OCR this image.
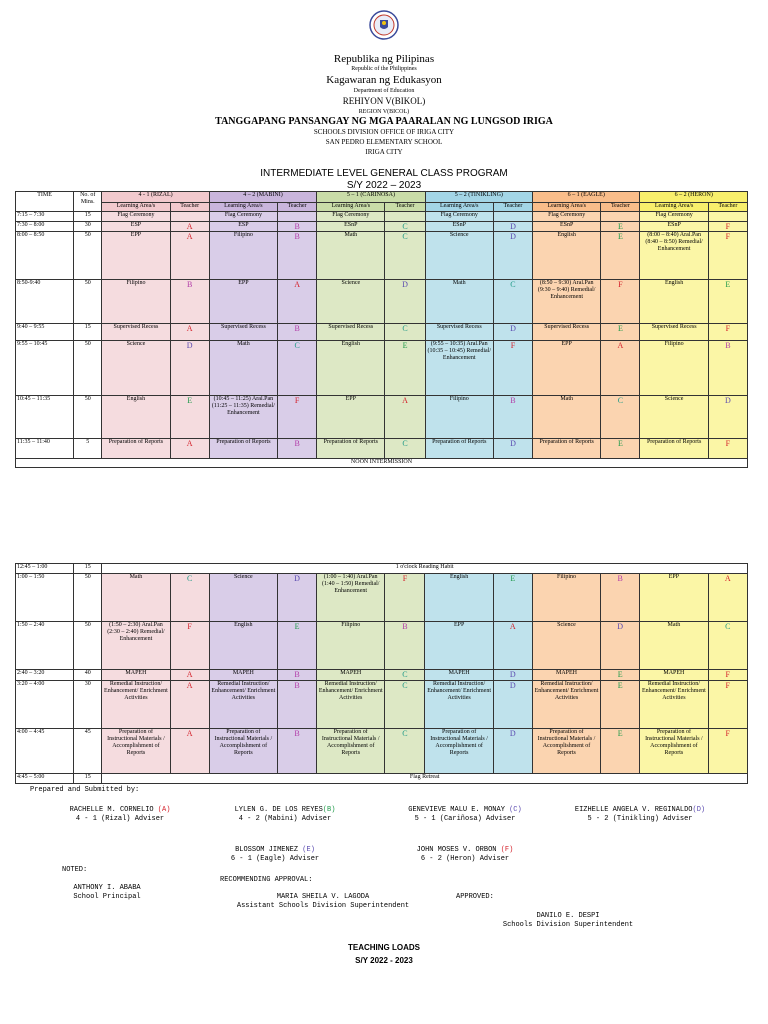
Republika ng Pilipinas
Republic of the Philippines
Kagawaran ng Edukasyon
Department of Education
REHIYON V(BIKOL)
REGION V(BICOL)
TANGGAPANG PANSANGAY NG MGA PAARALAN NG LUNGSOD IRIGA
SCHOOLS DIVISION OFFICE OF IRIGA CITY
SAN PEDRO ELEMENTARY SCHOOL
IRIGA CITY
INTERMEDIATE LEVEL GENERAL CLASS PROGRAM
S/Y 2022 – 2023
TIME	No. of Mins.	4 - 1 (RIZAL)		4 – 2 (MABINI)		5 – 1 (CARINOSA)		5 – 2 (TINIKLING)		6 – 1 (EAGLE)		6 – 2 (HERON)	
		Learning Area/s	Teacher	Learning Area/s	Teacher	Learning Area/s	Teacher	Learning Area/s	Teacher	Learning Area/s	Teacher	Learning Area/s	Teacher
7:15 – 7:30	15	Flag Ceremony		Flag Ceremony		Flag Ceremony		Flag Ceremony		Flag Ceremony		Flag Ceremony	
7:30 – 8:00	30	ESP	A	ESP	B	ESnP	C	ESnP	D	ESnP	E	ESnP	F
8:00 – 8:50	50	EPP	A	Filipino	B	Math	C	Science	D	English	E	(8:00 – 8:40) Aral.Pan (8:40 – 8:50) Remedial/ Enhancement	F
8:50-9:40	50	Filipino	B	EPP	A	Science	D	Math	C	(8:50 – 9:30) Aral.Pan (9:30 – 9:40) Remedial/ Enhancement	F	English	E
9:40 – 9:55	15	Supervised Recess	A	Supervised Recess	B	Supervised Recess	C	Supervised Recess	D	Supervised Recess	E	Supervised Recess	F
9:55 – 10:45	50	Science	D	Math	C	English	E	(9:55 – 10:35) Aral.Pan (10:35 – 10:45) Remedial/ Enhancement	F	EPP	A	Filipino	B
10:45 – 11:35	50	English	E	(10:45 – 11:25) Aral.Pan (11:25 – 11:35) Remedial/ Enhancement	F	EPP	A	Filipino	B	Math	C	Science	D
11:35 – 11:40	5	Preparation of Reports	A	Preparation of Reports	B	Preparation of Reports	C	Preparation of Reports	D	Preparation of Reports	E	Preparation of Reports	F
NOON INTERMISSION													
12:45 – 1:00	15	1 o'clock Reading Habit											
1:00 – 1:50	50	Math	C	Science	D	(1:00 – 1:40) Aral.Pan (1:40 – 1:50) Remedial/ Enhancement	F	English	E	Filipino	B	EPP	A
1:50 – 2:40	50	(1:50 – 2:30) Aral.Pan (2:30 – 2:40) Remedial/ Enhancement	F	English	E	Filipino	B	EPP	A	Science	D	Math	C
2:40 – 3:20	40	MAPEH	A	MAPEH	B	MAPEH	C	MAPEH	D	MAPEH	E	MAPEH	F
3:20 – 4:00	30	Remedial Instruction/ Enhancement/ Enrichment Activities	A	Remedial Instruction/ Enhancement/ Enrichment Activities	B	Remedial Instruction/ Enhancement/ Enrichment Activities	C	Remedial Instruction/ Enhancement/ Enrichment Activities	D	Remedial Instruction/ Enhancement/ Enrichment Activities	E	Remedial Instruction/ Enhancement/ Enrichment Activities	F
4:00 – 4:45	45	Preparation of Instructional Materials / Accomplishment of Reports	A	Preparation of Instructional Materials / Accomplishment of Reports	B	Preparation of Instructional Materials / Accomplishment of Reports	C	Preparation of Instructional Materials / Accomplishment of Reports	D	Preparation of Instructional Materials / Accomplishment of Reports	E	Preparation of Instructional Materials / Accomplishment of Reports	F
4:45 – 5:00	15	Flag Retreat											
Prepared and Submitted by:
RACHELLE M. CORNELIO (A)
4 - 1 (Rizal) Adviser
LYLEN G. DE LOS REYES(B)
4 - 2 (Mabini) Adviser
GENEVIEVE MALU E. MONAY (C)
5 - 1 (Cariñosa) Adviser
EIZHELLE ANGELA V. REGINALDO(D)
5 - 2 (Tinikling) Adviser
BLOSSOM JIMENEZ (E)
6 - 1 (Eagle) Adviser
JOHN MOSES V. ORBON (F)
6 - 2 (Heron) Adviser
NOTED:
RECOMMENDING APPROVAL:
ANTHONY I. ABABA
School Principal	MARIA SHEILA V. LAGODA
Assistant Schools Division Superintendent
APPROVED:
DANILO E. DESPI
Schools Division Superintendent
TEACHING LOADS
S/Y 2022 - 2023
